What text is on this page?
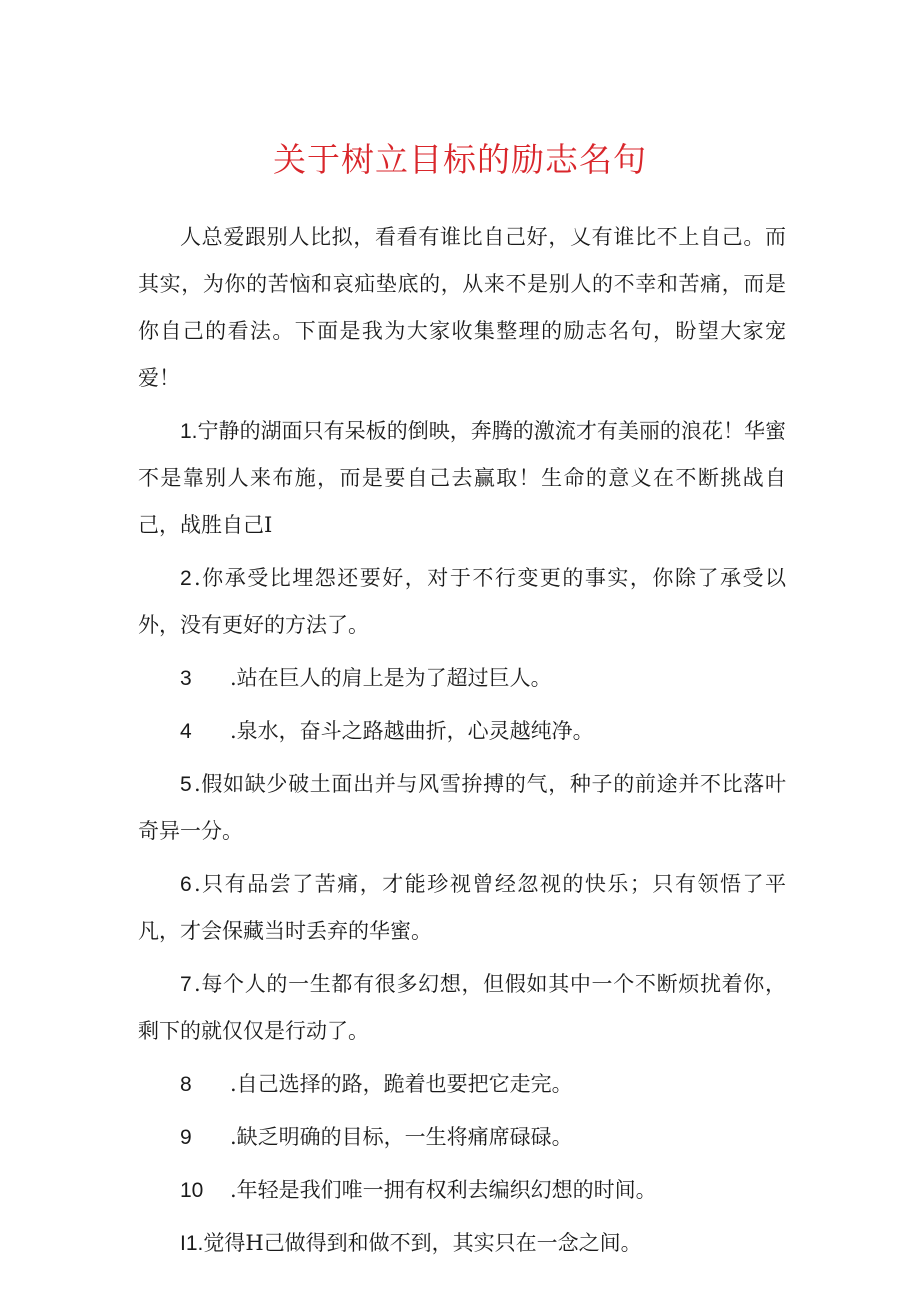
关于树立目标的励志名句

人总爱跟别人比拟，看看有谁比自己好，乂有谁比不上自己。而其实，为你的苦恼和哀疝垫底的，从来不是别人的不幸和苦痛，而是你自己的看法。下面是我为大家收集整理的励志名句，盼望大家宠爱！

1.宁静的湖面只有呆板的倒映，奔腾的激流才有美丽的浪花！华蜜不是靠别人来布施，而是要自己去赢取！生命的意义在不断挑战自己，战胜自己I

2 .你承受比埋怨还要好，对于不行变更的事实，你除了承受以外，没有更好的方法了。

3 .站在巨人的肩上是为了超过巨人。

4 .泉水，奋斗之路越曲折，心灵越纯净。

5 .假如缺少破土面出并与风雪拚搏的气，种子的前途并不比落叶奇异一分。

6 .只有品尝了苦痛，才能珍视曾经忽视的快乐；只有领悟了平凡，才会保藏当时丢弃的华蜜。

7 .每个人的一生都有很多幻想，但假如其中一个不断烦扰着你，剩下的就仅仅是行动了。

8 .自己选择的路，跪着也要把它走完。

9 .缺乏明确的目标，一生将痛席碌碌。

10 .年轻是我们唯一拥有权利去编织幻想的时间。

I1.觉得H己做得到和做不到，其实只在一念之间。
